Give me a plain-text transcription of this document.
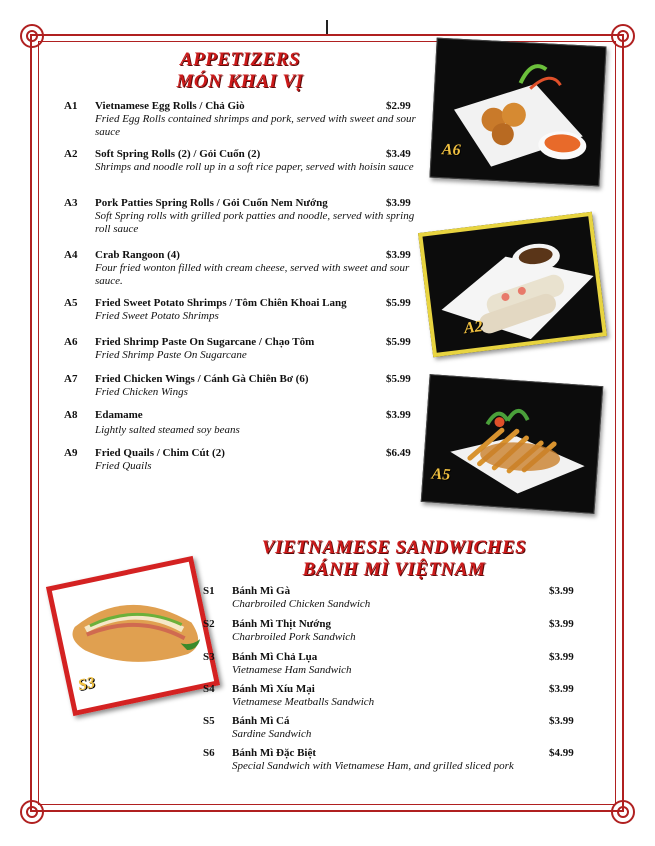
APPETIZERS
MÓN KHAI VỊ
A1 Vietnamese Egg Rolls / Chả Giò	$2.99
Fried Egg Rolls contained shrimps and pork, served with sweet and sour sauce
A2 Soft Spring Rolls (2) / Gỏi Cuốn (2)	$3.49
Shrimps and noodle roll up in a soft rice paper, served with hoisin sauce
A3 Pork Patties Spring Rolls / Gỏi Cuốn Nem Nướng	$3.99
Soft Spring rolls with grilled pork patties and noodle, served with spring roll sauce
A4 Crab Rangoon (4)	$3.99
Four fried wonton filled with cream cheese, served with sweet and sour sauce.
A5 Fried Sweet Potato Shrimps / Tôm Chiên Khoai Lang	$5.99
Fried Sweet Potato Shrimps
A6 Fried Shrimp Paste On Sugarcane / Chạo Tôm	$5.99
Fried Shrimp Paste On Sugarcane
A7 Fried Chicken Wings / Cánh Gà Chiên Bơ (6)	$5.99
Fried Chicken Wings
A8 Edamame	$3.99
Lightly salted steamed soy beans
A9 Fried Quails / Chim Cút (2)	$6.49
Fried Quails
A6
A2
A5
VIETNAMESE SANDWICHES
BÁNH MÌ VIỆTNAM
S3
S1 Bánh Mì Gà	$3.99
Charbroiled Chicken Sandwich
S2 Bánh Mì Thịt Nướng	$3.99
Charbroiled Pork Sandwich
S3 Bánh Mì Chả Lụa	$3.99
Vietnamese Ham Sandwich
S4 Bánh Mì Xíu Mại	$3.99
Vietnamese Meatballs Sandwich
S5 Bánh Mì Cá	$3.99
Sardine Sandwich
S6 Bánh Mì Đặc Biệt	$4.99
Special Sandwich with Vietnamese Ham, and grilled sliced pork
